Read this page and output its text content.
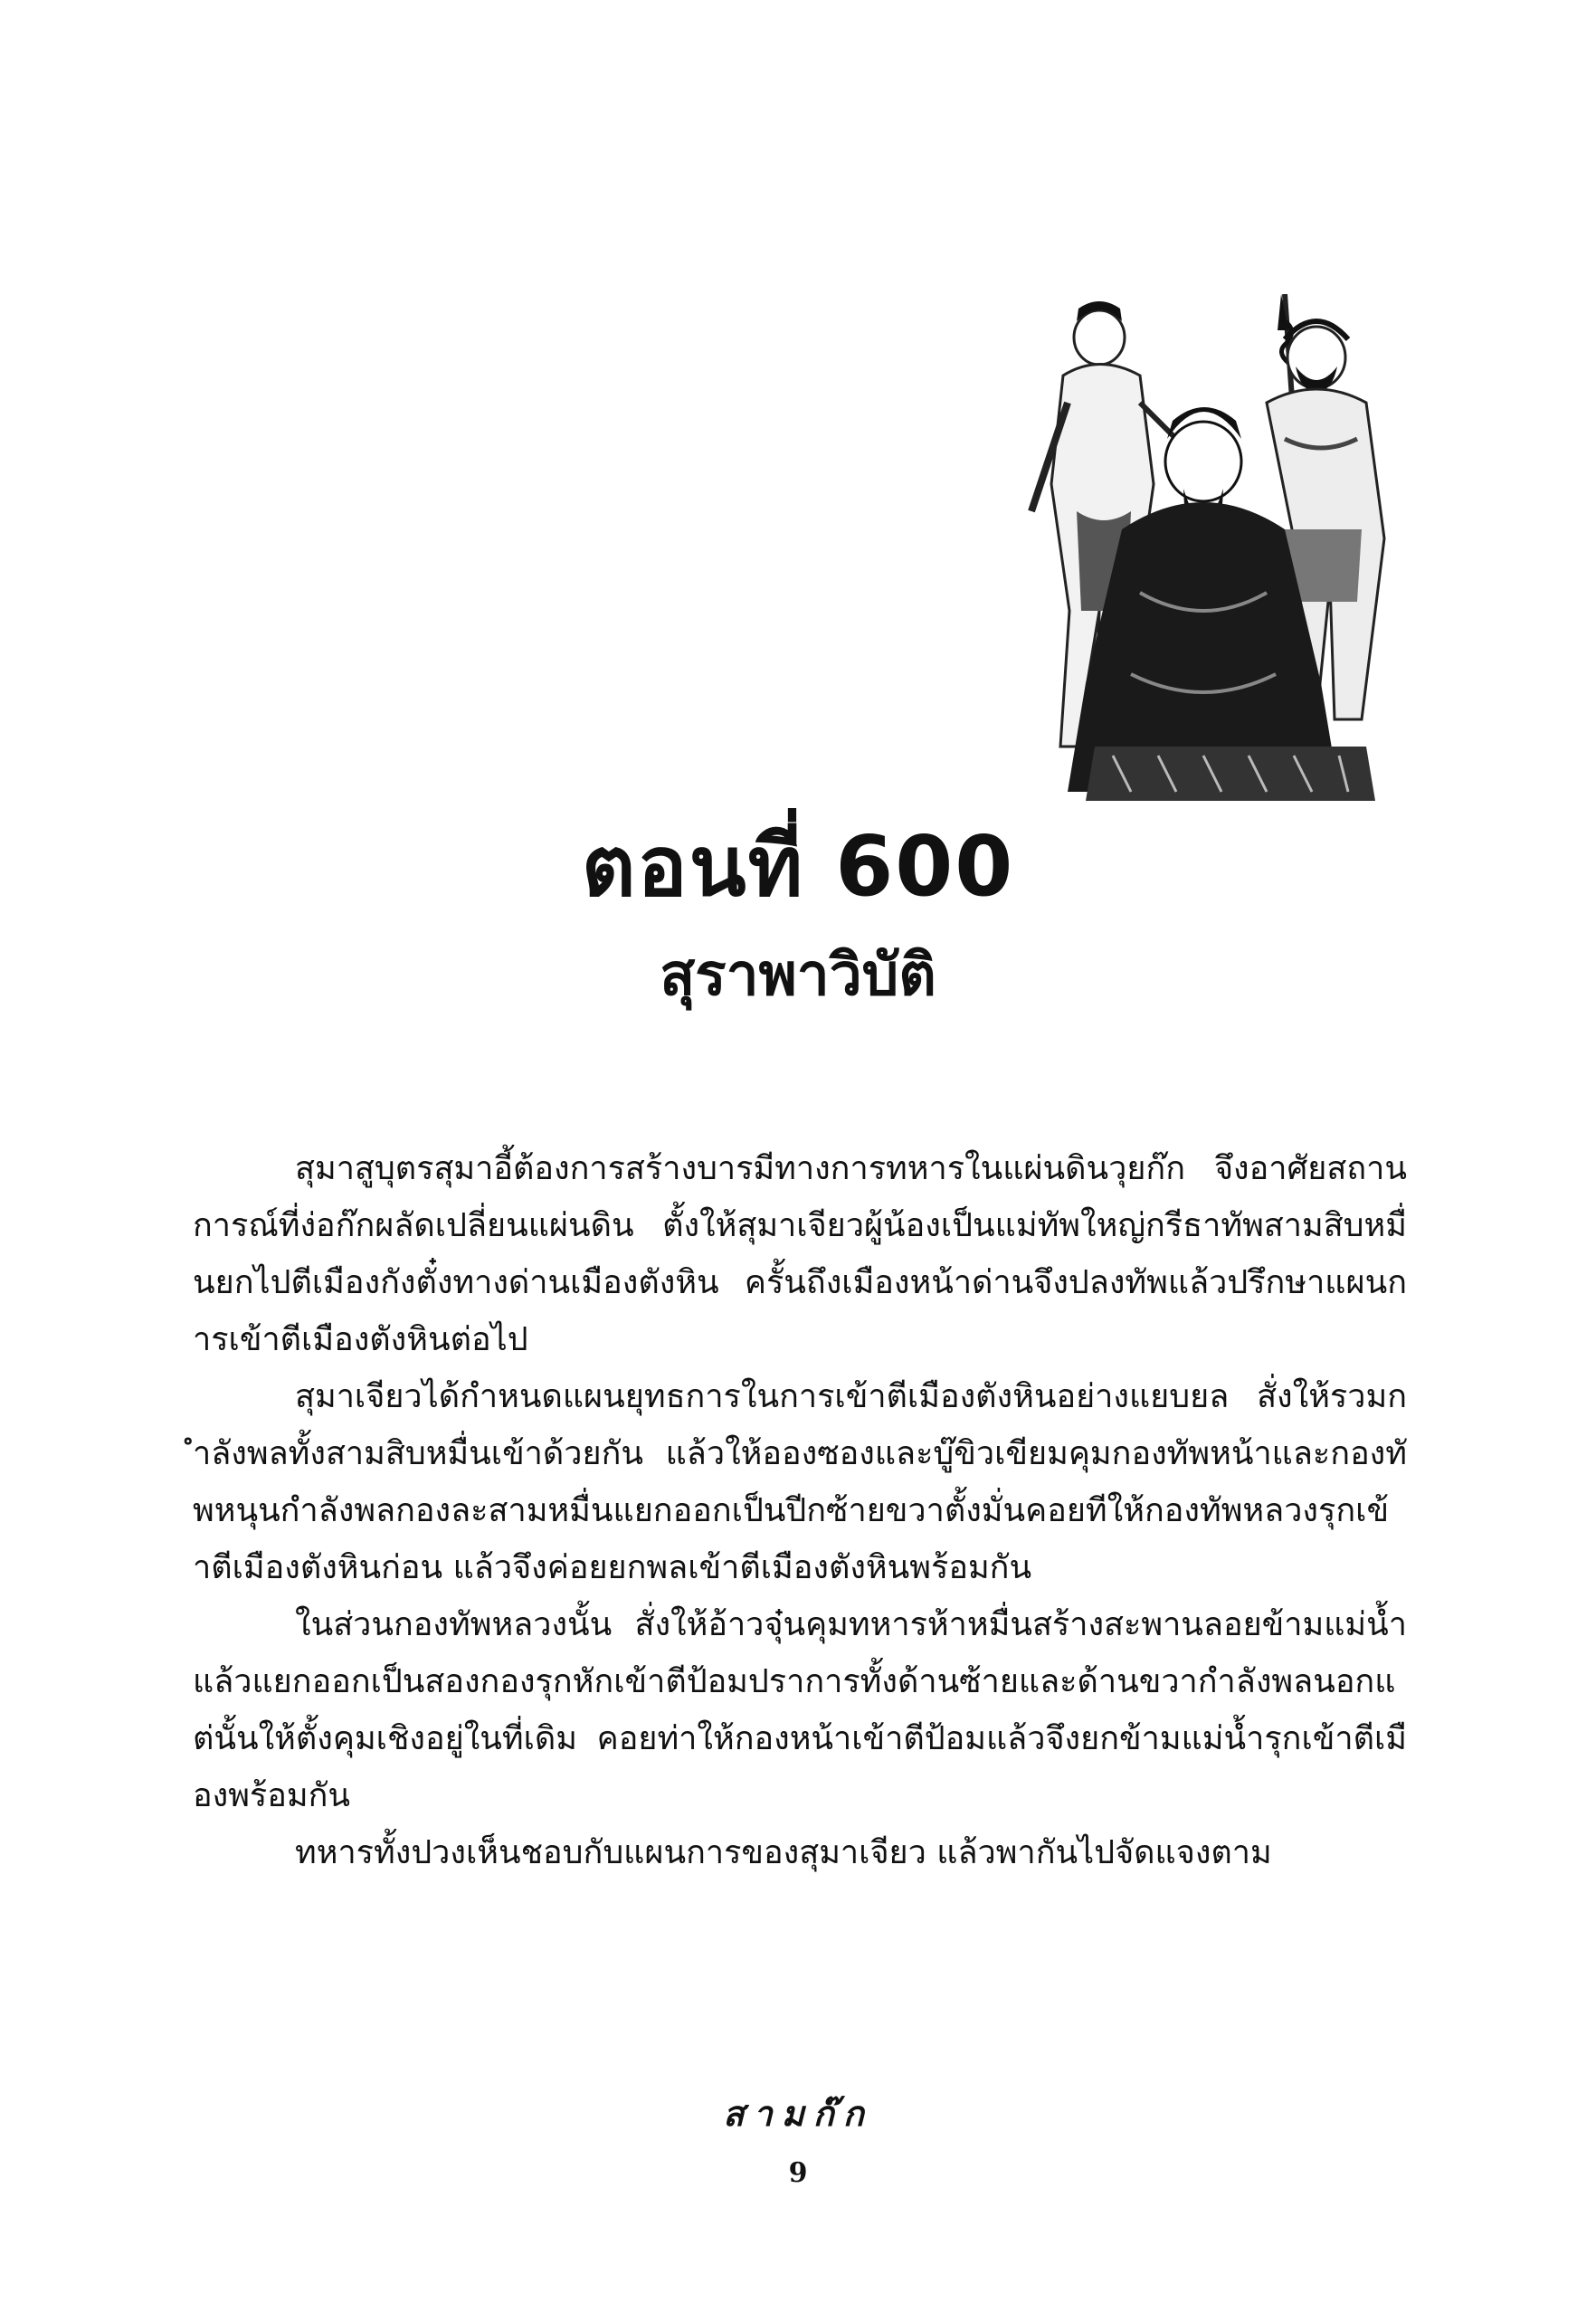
ตอนที่ 600
สุราพาวิบัติ

สุมาสูบุตรสุมาอี้ต้องการสร้างบารมีทางการทหารในแผ่นดินวุยก๊ก จึงอาศัยสถานการณ์ที่ง่อก๊กผลัดเปลี่ยนแผ่นดิน ตั้งให้สุมาเจียวผู้น้องเป็นแม่ทัพใหญ่กรีธาทัพสามสิบหมื่นยกไปตีเมืองกังตั๋งทางด่านเมืองตังหิน ครั้นถึงเมืองหน้าด่านจึงปลงทัพแล้วปรึกษาแผนการเข้าตีเมืองตังหินต่อไป

สุมาเจียวได้กำหนดแผนยุทธการในการเข้าตีเมืองตังหินอย่างแยบยล สั่งให้รวมกำลังพลทั้งสามสิบหมื่นเข้าด้วยกัน แล้วให้อองซองและบู๊ขิวเขียมคุมกองทัพหน้าและกองทัพหนุนกำลังพลกองละสามหมื่นแยกออกเป็นปีกซ้ายขวาตั้งมั่นคอยทีให้กองทัพหลวงรุกเข้าตีเมืองตังหินก่อน แล้วจึงค่อยยกพลเข้าตีเมืองตังหินพร้อมกัน

ในส่วนกองทัพหลวงนั้น สั่งให้อ้าวจุ๋นคุมทหารห้าหมื่นสร้างสะพานลอยข้ามแม่น้ำ แล้วแยกออกเป็นสองกองรุกหักเข้าตีป้อมปราการทั้งด้านซ้ายและด้านขวากำลังพลนอกแต่นั้นให้ตั้งคุมเชิงอยู่ในที่เดิม คอยท่าให้กองหน้าเข้าตีป้อมแล้วจึงยกข้ามแม่น้ำรุกเข้าตีเมืองพร้อมกัน

ทหารทั้งปวงเห็นชอบกับแผนการของสุมาเจียว แล้วพากันไปจัดแจงตาม

สามก๊ก
9
